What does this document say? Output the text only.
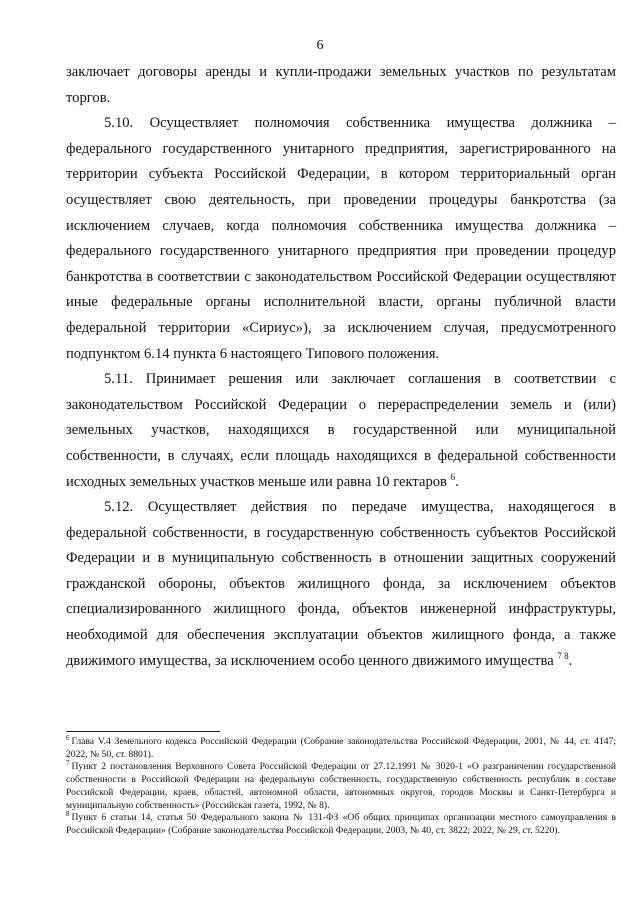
6

заключает договоры аренды и купли-продажи земельных участков по результатам торгов.

5.10. Осуществляет полномочия собственника имущества должника – федерального государственного унитарного предприятия, зарегистрированного на территории субъекта Российской Федерации, в котором территориальный орган осуществляет свою деятельность, при проведении процедуры банкротства (за исключением случаев, когда полномочия собственника имущества должника – федерального государственного унитарного предприятия при проведении процедур банкротства в соответствии с законодательством Российской Федерации осуществляют иные федеральные органы исполнительной власти, органы публичной власти федеральной территории «Сириус»), за исключением случая, предусмотренного подпунктом 6.14 пункта 6 настоящего Типового положения.

5.11. Принимает решения или заключает соглашения в соответствии с законодательством Российской Федерации о перераспределении земель и (или) земельных участков, находящихся в государственной или муниципальной собственности, в случаях, если площадь находящихся в федеральной собственности исходных земельных участков меньше или равна 10 гектаров $^6$.

5.12. Осуществляет действия по передаче имущества, находящегося в федеральной собственности, в государственную собственность субъектов Российской Федерации и в муниципальную собственность в отношении защитных сооружений гражданской обороны, объектов жилищного фонда, за исключением объектов специализированного жилищного фонда, объектов инженерной инфраструктуры, необходимой для обеспечения эксплуатации объектов жилищного фонда, а также движимого имущества, за исключением особо ценного движимого имущества $^{7 8}$.

$^6$ Глава V.4 Земельного кодекса Российской Федерации (Собрание законодательства Российской Федерации, 2001, № 44, ст. 4147; 2022, № 50, ст. 8801).

$^7$ Пункт 2 постановления Верховного Совета Российской Федерации от 27.12.1991 № 3020-1 «О разграничении государственной собственности в Российской Федерации на федеральную собственность, государственную собственность республик в составе Российской Федерации, краев, областей, автономной области, автономных округов, городов Москвы и Санкт-Петербурга и муниципальную собственность» (Российская газета, 1992, № 8).

$^8$ Пункт 6 статьи 14, статья 50 Федерального закона № 131-ФЗ «Об общих принципах организации местного самоуправления в Российской Федерации» (Собрание законодательства Российской Федерации, 2003, № 40, ст. 3822; 2022, № 29, ст. 5220).
